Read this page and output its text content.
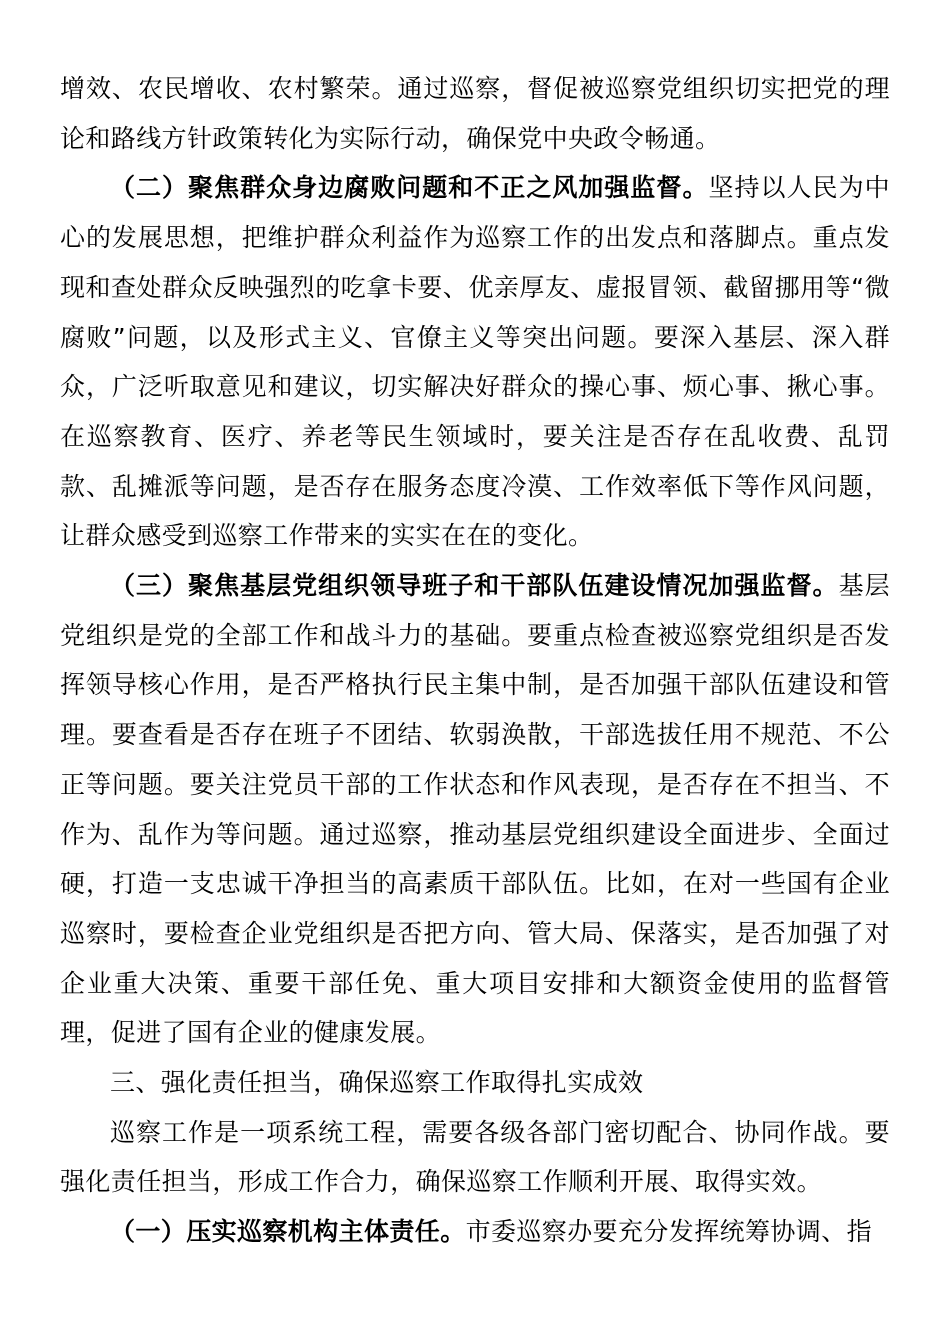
增效、农民增收、农村繁荣。通过巡察，督促被巡察党组织切实把党的理论和路线方针政策转化为实际行动，确保党中央政令畅通。

（二）聚焦群众身边腐败问题和不正之风加强监督。坚持以人民为中心的发展思想，把维护群众利益作为巡察工作的出发点和落脚点。重点发现和查处群众反映强烈的吃拿卡要、优亲厚友、虚报冒领、截留挪用等“微腐败”问题，以及形式主义、官僚主义等突出问题。要深入基层、深入群众，广泛听取意见和建议，切实解决好群众的操心事、烦心事、揪心事。在巡察教育、医疗、养老等民生领域时，要关注是否存在乱收费、乱罚款、乱摊派等问题，是否存在服务态度冷漠、工作效率低下等作风问题，让群众感受到巡察工作带来的实实在在的变化。

（三）聚焦基层党组织领导班子和干部队伍建设情况加强监督。基层党组织是党的全部工作和战斗力的基础。要重点检查被巡察党组织是否发挥领导核心作用，是否严格执行民主集中制，是否加强干部队伍建设和管理。要查看是否存在班子不团结、软弱涣散，干部选拔任用不规范、不公正等问题。要关注党员干部的工作状态和作风表现，是否存在不担当、不作为、乱作为等问题。通过巡察，推动基层党组织建设全面进步、全面过硬，打造一支忠诚干净担当的高素质干部队伍。比如，在对一些国有企业巡察时，要检查企业党组织是否把方向、管大局、保落实，是否加强了对企业重大决策、重要干部任免、重大项目安排和大额资金使用的监督管理，促进了国有企业的健康发展。

三、强化责任担当，确保巡察工作取得扎实成效

巡察工作是一项系统工程，需要各级各部门密切配合、协同作战。要强化责任担当，形成工作合力，确保巡察工作顺利开展、取得实效。

（一）压实巡察机构主体责任。市委巡察办要充分发挥统筹协调、指
